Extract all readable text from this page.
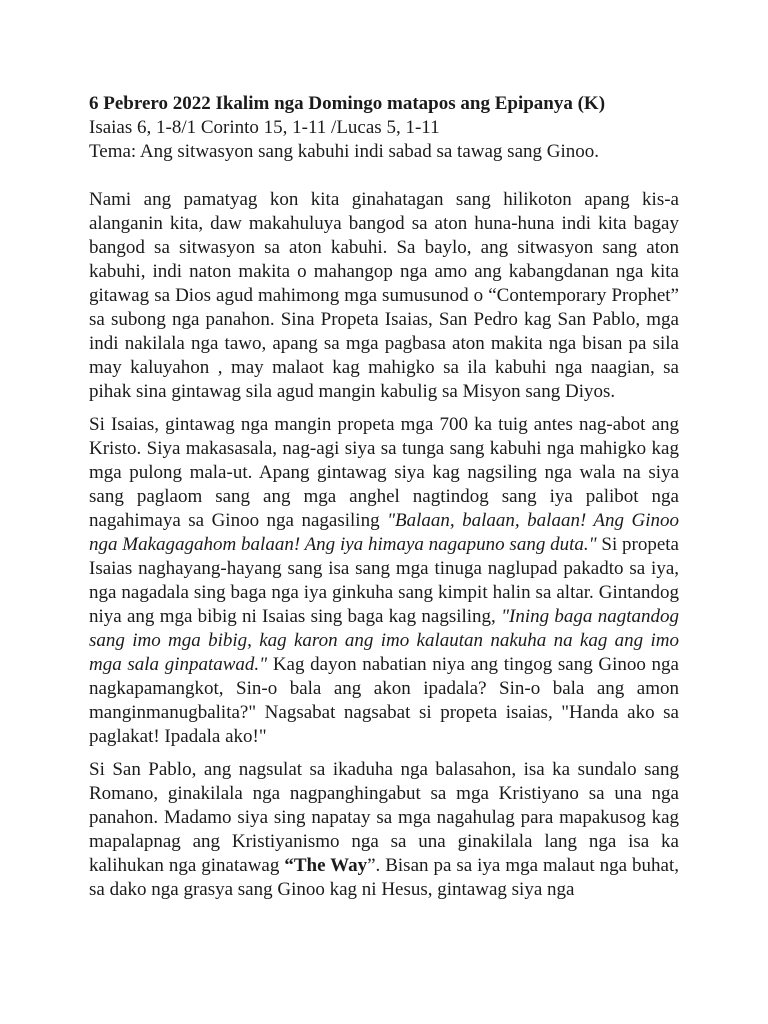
6 Pebrero 2022 Ikalim nga Domingo matapos ang Epipanya (K)

Isaias 6, 1-8/1 Corinto 15, 1-11 /Lucas 5, 1-11

Tema: Ang sitwasyon sang kabuhi indi sabad sa tawag sang Ginoo.

Nami ang pamatyag kon kita ginahatagan sang hilikoton apang kis-a alanganin kita, daw makahuluya bangod sa aton huna-huna indi kita bagay bangod sa sitwasyon sa aton kabuhi. Sa baylo, ang sitwasyon sang aton kabuhi, indi naton makita o mahangop nga amo ang kabangdanan nga kita gitawag sa Dios agud mahimong mga sumusunod o “Contemporary Prophet” sa subong nga panahon. Sina Propeta Isaias, San Pedro kag San Pablo, mga indi nakilala nga tawo, apang sa mga pagbasa aton makita nga bisan pa sila may kaluyahon , may malaot kag mahigko sa ila kabuhi nga naagian, sa pihak sina gintawag sila agud mangin kabulig sa Misyon sang Diyos.

Si Isaias, gintawag nga mangin propeta mga 700 ka tuig antes nag-abot ang Kristo. Siya makasasala, nag-agi siya sa tunga sang kabuhi nga mahigko kag mga pulong mala-ut. Apang gintawag siya kag nagsiling nga wala na siya sang paglaom sang ang mga anghel nagtindog sang iya palibot nga nagahimaya sa Ginoo nga nagasiling "Balaan, balaan, balaan! Ang Ginoo nga Makagagahom balaan! Ang iya himaya nagapuno sang duta." Si propeta Isaias naghayang-hayang sang isa sang mga tinuga naglupad pakadto sa iya, nga nagadala sing baga nga iya ginkuha sang kimpit halin sa altar. Gintandog niya ang mga bibig ni Isaias sing baga kag nagsiling, "Ining baga nagtandog sang imo mga bibig, kag karon ang imo kalautan nakuha na kag ang imo mga sala ginpatawad." Kag dayon nabatian niya ang tingog sang Ginoo nga nagkapamangkot, Sin-o bala ang akon ipadala? Sin-o bala ang amon manginmanugbalita?" Nagsabat nagsabat si propeta isaias, "Handa ako sa paglakat! Ipadala ako!"

Si San Pablo, ang nagsulat sa ikaduha nga balasahon, isa ka sundalo sang Romano, ginakilala nga nagpanghingabut sa mga Kristiyano sa una nga panahon. Madamo siya sing napatay sa mga nagahulag para mapakusog kag mapalapnag ang Kristiyanismo nga sa una ginakilala lang nga isa ka kalihukan nga ginatawag “The Way”. Bisan pa sa iya mga malaut nga buhat, sa dako nga grasya sang Ginoo kag ni Hesus, gintawag siya nga
